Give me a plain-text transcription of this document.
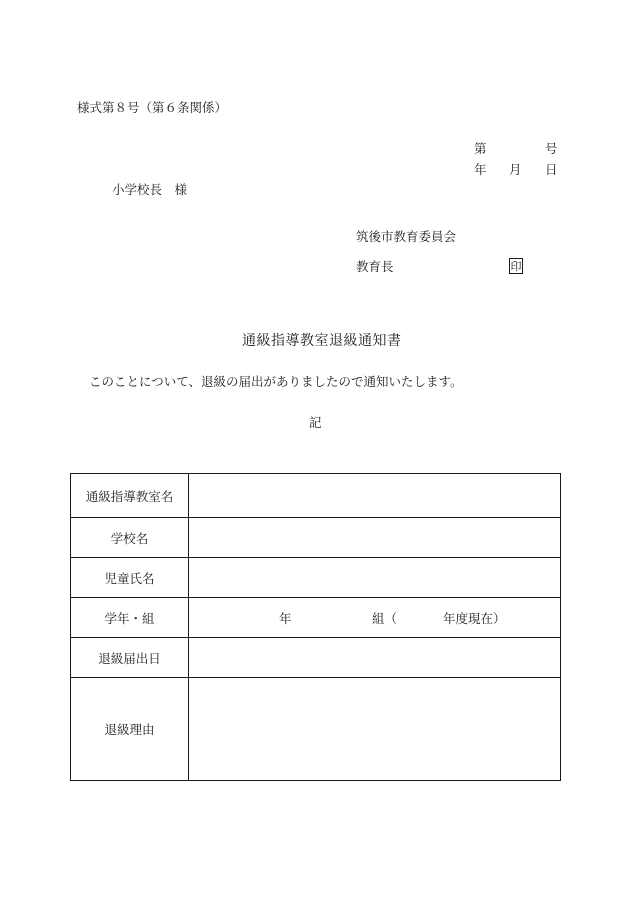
様式第８号（第６条関係）
第	号
年 月 日
小学校長　様
筑後市教育委員会
教育長	印
通級指導教室退級通知書
このことについて、退級の届出がありましたので通知いたします。
記
通級指導教室名	
学校名	
児童氏名	
学年・組	年 組（ 年度現在）

退級届出日	
退級理由	
